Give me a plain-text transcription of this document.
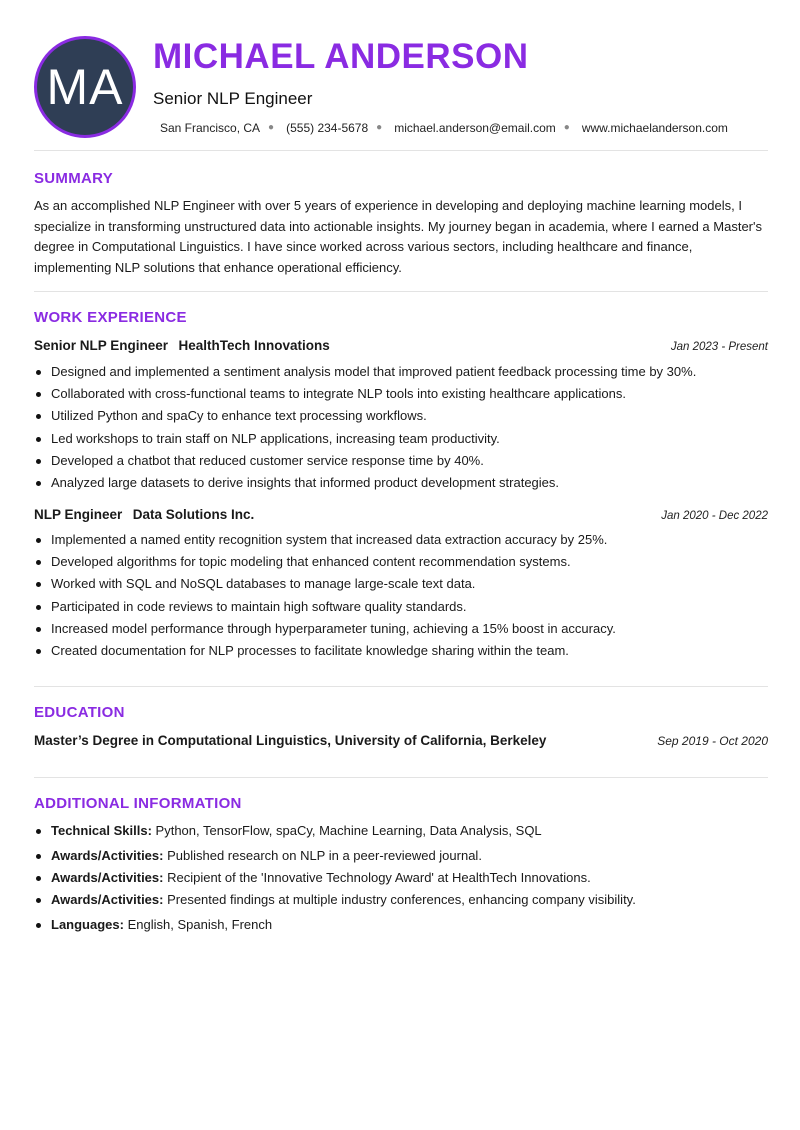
MA
MICHAEL ANDERSON
Senior NLP Engineer
San Francisco, CA ● (555) 234-5678 ● michael.anderson@email.com ● www.michaelanderson.com
SUMMARY

As an accomplished NLP Engineer with over 5 years of experience in developing and deploying machine learning models, I specialize in transforming unstructured data into actionable insights. My journey began in academia, where I earned a Master's degree in Computational Linguistics. I have since worked across various sectors, including healthcare and finance, implementing NLP solutions that enhance operational efficiency.

WORK EXPERIENCE
Senior NLP Engineer HealthTech Innovations	Jan 2023 - Present
Designed and implemented a sentiment analysis model that improved patient feedback processing time by 30%.
Collaborated with cross-functional teams to integrate NLP tools into existing healthcare applications.
Utilized Python and spaCy to enhance text processing workflows.
Led workshops to train staff on NLP applications, increasing team productivity.
Developed a chatbot that reduced customer service response time by 40%.
Analyzed large datasets to derive insights that informed product development strategies.
NLP Engineer Data Solutions Inc.	Jan 2020 - Dec 2022
Implemented a named entity recognition system that increased data extraction accuracy by 25%.
Developed algorithms for topic modeling that enhanced content recommendation systems.
Worked with SQL and NoSQL databases to manage large-scale text data.
Participated in code reviews to maintain high software quality standards.
Increased model performance through hyperparameter tuning, achieving a 15% boost in accuracy.
Created documentation for NLP processes to facilitate knowledge sharing within the team.
EDUCATION
Master’s Degree in Computational Linguistics, University of California, Berkeley	Sep 2019 - Oct 2020
ADDITIONAL INFORMATION
Technical Skills: Python, TensorFlow, spaCy, Machine Learning, Data Analysis, SQL
Awards/Activities: Published research on NLP in a peer-reviewed journal.
Awards/Activities: Recipient of the 'Innovative Technology Award' at HealthTech Innovations.
Awards/Activities: Presented findings at multiple industry conferences, enhancing company visibility.
Languages: English, Spanish, French
